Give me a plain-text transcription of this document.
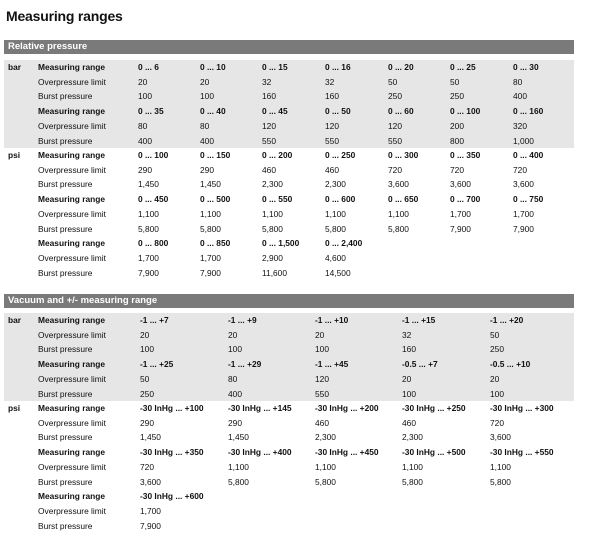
Measuring ranges
Relative pressure
bar Measuring range	0 ... 6	0 ... 10	0 ... 15	0 ... 16	0 ... 20	0 ... 25	0 ... 30
Overpressure limit	20	20	32	32	50	50	80
Burst pressure	100	100	160	160	250	250	400
Measuring range	0 ... 35	0 ... 40	0 ... 45	0 ... 50	0 ... 60	0 ... 100	0 ... 160
Overpressure limit	80	80	120	120	120	200	320
Burst pressure	400	400	550	550	550	800	1,000
psi Measuring range	0 ... 100	0 ... 150	0 ... 200	0 ... 250	0 ... 300	0 ... 350	0 ... 400
Overpressure limit	290	290	460	460	720	720	720
Burst pressure	1,450	1,450	2,300	2,300	3,600	3,600	3,600
Measuring range	0 ... 450	0 ... 500	0 ... 550	0 ... 600	0 ... 650	0 ... 700	0 ... 750
Overpressure limit	1,100	1,100	1,100	1,100	1,100	1,700	1,700
Burst pressure	5,800	5,800	5,800	5,800	5,800	7,900	7,900
Measuring range	0 ... 800	0 ... 850	0 ... 1,500	0 ... 2,400
Overpressure limit	1,700	1,700	2,900	4,600
Burst pressure	7,900	7,900	11,600	14,500
Vacuum and +/- measuring range
bar Measuring range	-1 ... +7	-1 ... +9	-1 ... +10	-1 ... +15	-1 ... +20
Overpressure limit	20	20	20	32	50
Burst pressure	100	100	100	160	250
Measuring range	-1 ... +25	-1 ... +29	-1 ... +45	-0.5 ... +7	-0.5 ... +10
Overpressure limit	50	80	120	20	20
Burst pressure	250	400	550	100	100
psi Measuring range	-30 InHg ... +100	-30 InHg ... +145	-30 InHg ... +200	-30 InHg ... +250	-30 InHg ... +300
Overpressure limit	290	290	460	460	720
Burst pressure	1,450	1,450	2,300	2,300	3,600
Measuring range	-30 InHg ... +350	-30 InHg ... +400	-30 InHg ... +450	-30 InHg ... +500	-30 InHg ... +550
Overpressure limit	720	1,100	1,100	1,100	1,100
Burst pressure	3,600	5,800	5,800	5,800	5,800
Measuring range	-30 InHg ... +600
Overpressure limit	1,700
Burst pressure	7,900
